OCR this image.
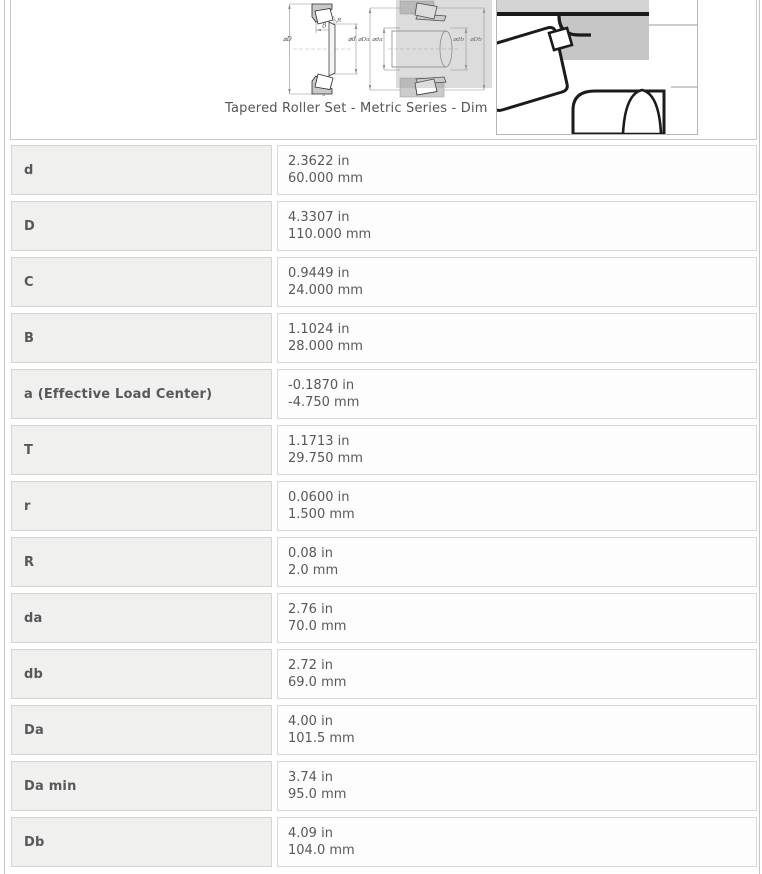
⌀D	⌀d
B
R
a
⌀Da ⌀da
Tapered Roller Set - Metric Series - Dim
d
2.3622 in
60.000 mm
D
4.3307 in
110.000 mm
C
0.9449 in
24.000 mm
B
1.1024 in
28.000 mm
a (Effective Load Center)
-0.1870 in
-4.750 mm
T
1.1713 in
29.750 mm
r
0.0600 in
1.500 mm
R
0.08 in
2.0 mm
da
2.76 in
70.0 mm
db
2.72 in
69.0 mm
Da
4.00 in
101.5 mm
Da min
3.74 in
95.0 mm
Db
4.09 in
104.0 mm
